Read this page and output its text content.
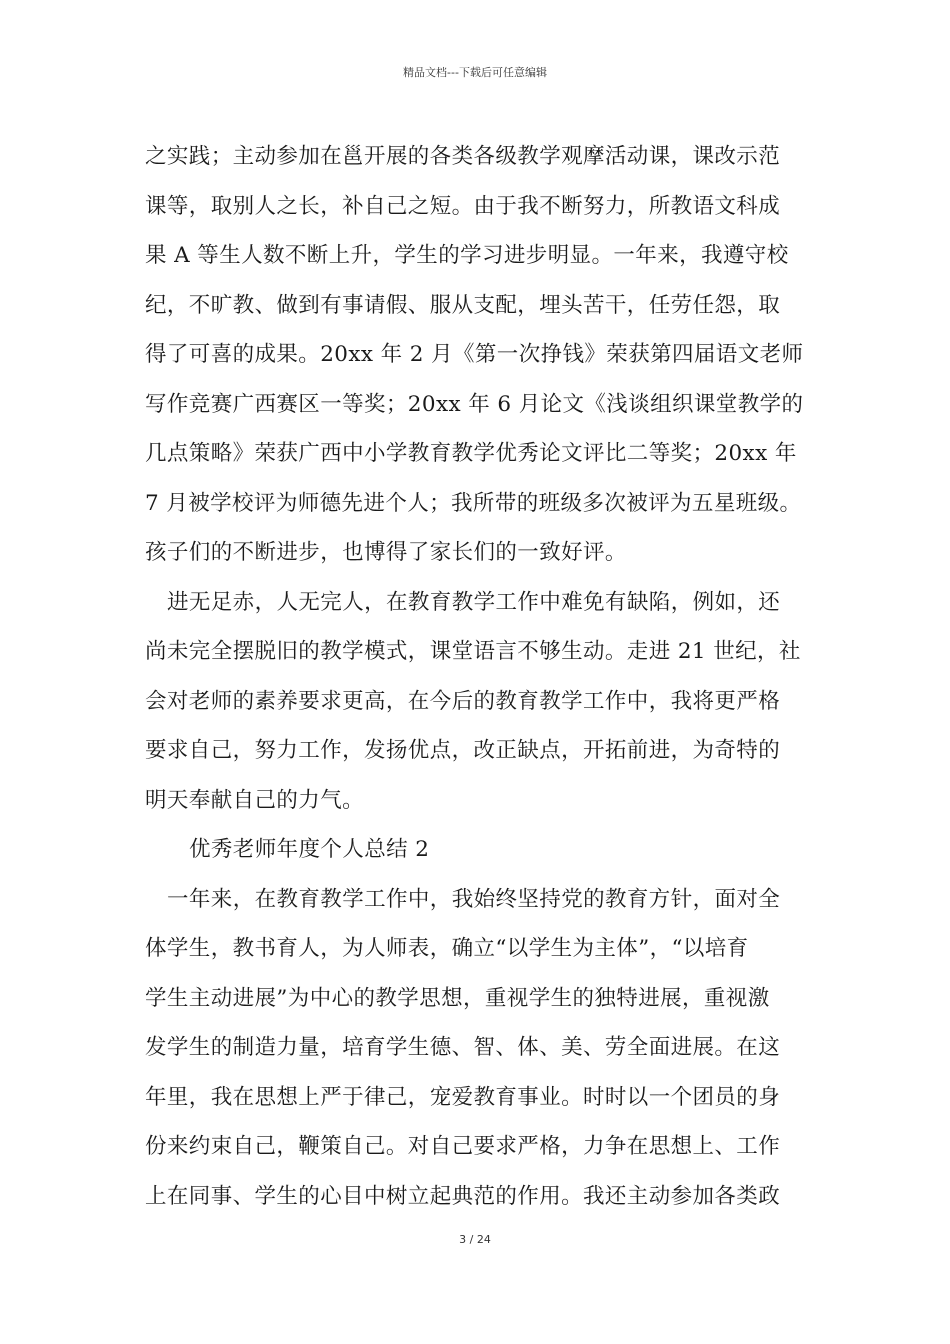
精品文档---下载后可任意编辑
之实践；主动参加在邕开展的各类各级教学观摩活动课，课改示范
课等，取别人之长，补自己之短。由于我不断努力，所教语文科成
果 A 等生人数不断上升，学生的学习进步明显。一年来，我遵守校
纪，不旷教、做到有事请假、服从支配，埋头苦干，任劳任怨，取
得了可喜的成果。20xx 年 2 月《第一次挣钱》荣获第四届语文老师
写作竞赛广西赛区一等奖；20xx 年 6 月论文《浅谈组织课堂教学的
几点策略》荣获广西中小学教育教学优秀论文评比二等奖；20xx 年
7 月被学校评为师德先进个人；我所带的班级多次被评为五星班级。
孩子们的不断进步，也博得了家长们的一致好评。
进无足赤，人无完人，在教育教学工作中难免有缺陷，例如，还
尚未完全摆脱旧的教学模式，课堂语言不够生动。走进 21 世纪，社
会对老师的素养要求更高，在今后的教育教学工作中，我将更严格
要求自己，努力工作，发扬优点，改正缺点，开拓前进，为奇特的
明天奉献自己的力气。
优秀老师年度个人总结 2
一年来，在教育教学工作中，我始终坚持党的教育方针，面对全
体学生，教书育人，为人师表，确立“以学生为主体”，“以培育
学生主动进展”为中心的教学思想，重视学生的独特进展，重视激
发学生的制造力量，培育学生德、智、体、美、劳全面进展。在这
年里，我在思想上严于律己，宠爱教育事业。时时以一个团员的身
份来约束自己，鞭策自己。对自己要求严格，力争在思想上、工作
上在同事、学生的心目中树立起典范的作用。我还主动参加各类政
3 / 24
